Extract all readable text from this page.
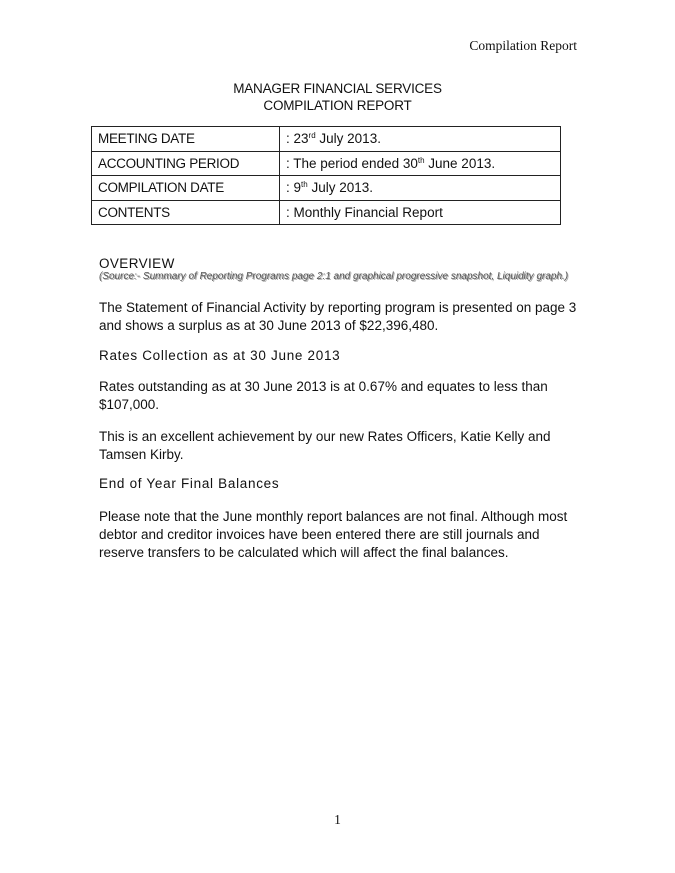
Compilation Report
MANAGER FINANCIAL SERVICES
COMPILATION REPORT
MEETING DATE	: 23rd July 2013.
ACCOUNTING PERIOD	: The period ended 30th June 2013.
COMPILATION DATE	: 9th July 2013.
CONTENTS	: Monthly Financial Report
OVERVIEW
(Source:- Summary of Reporting Programs page 2:1 and graphical progressive snapshot, Liquidity graph.)
The Statement of Financial Activity by reporting program is presented on page 3 and shows a surplus as at 30 June 2013 of $22,396,480.
Rates Collection as at 30 June 2013
Rates outstanding as at 30 June 2013 is at 0.67% and equates to less than $107,000.
This is an excellent achievement by our new Rates Officers, Katie Kelly and Tamsen Kirby.
End of Year Final Balances
Please note that the June monthly report balances are not final. Although most debtor and creditor invoices have been entered there are still journals and reserve transfers to be calculated which will affect the final balances.
1
